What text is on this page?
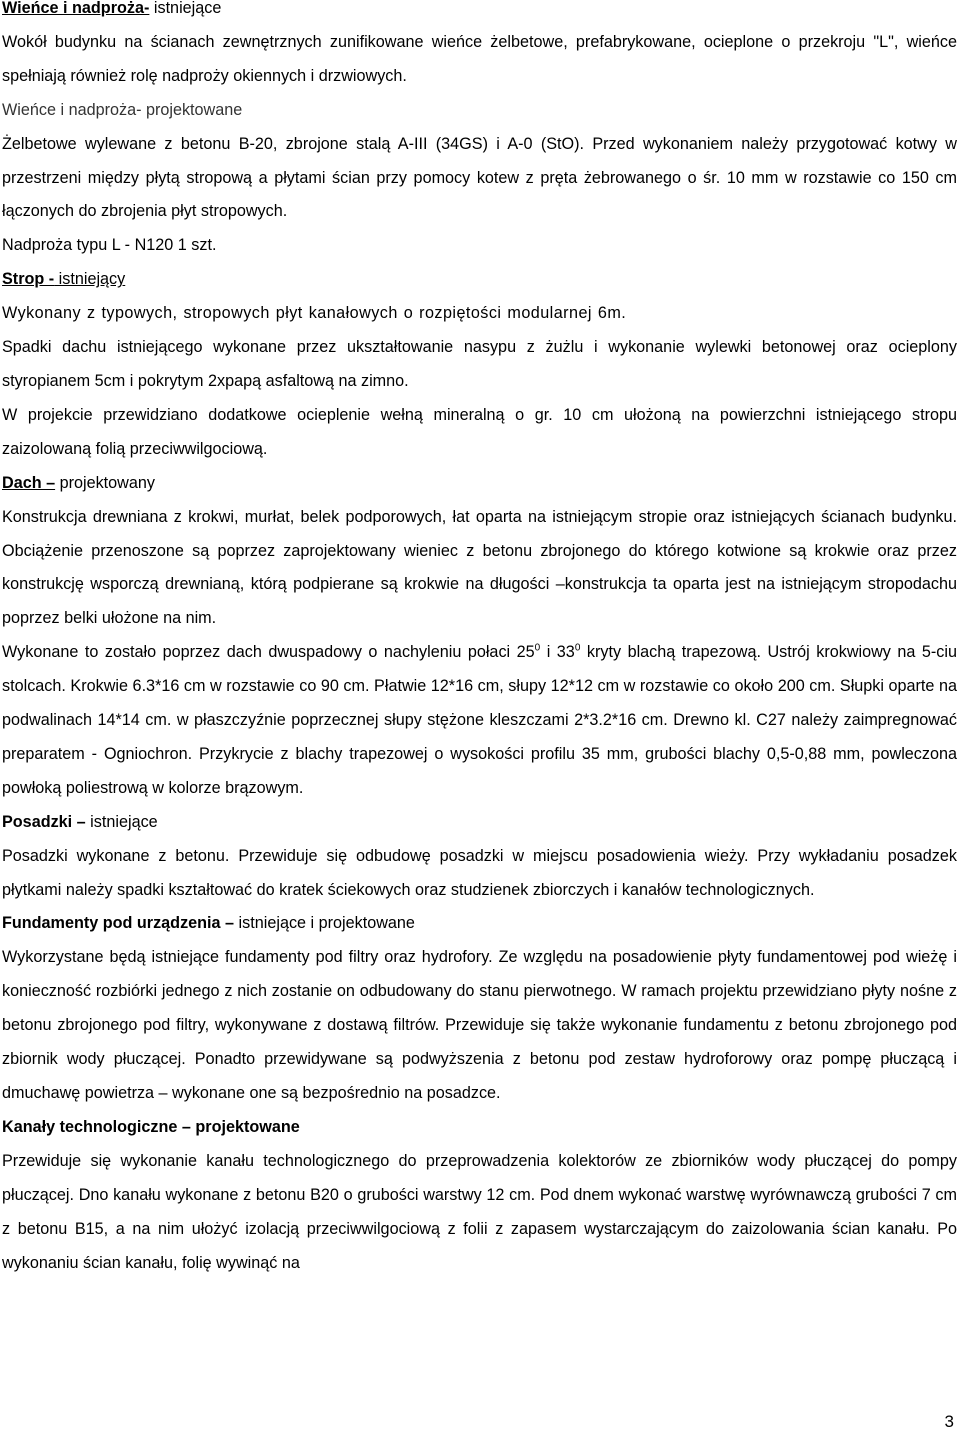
Wieńce i nadproża- istniejące

Wokół budynku na ścianach zewnętrznych zunifikowane wieńce żelbetowe, prefabrykowane, ocieplone o przekroju "L", wieńce spełniają również rolę nadproży okiennych i drzwiowych.

Wieńce i nadproża- projektowane

Żelbetowe wylewane z betonu B-20, zbrojone stalą A-III (34GS) i A-0 (StO). Przed wykonaniem należy przygotować kotwy w przestrzeni między płytą stropową a płytami ścian przy pomocy kotew z pręta żebrowanego o śr. 10 mm w rozstawie co 150 cm łączonych do zbrojenia płyt stropowych.

Nadproża typu L - N120 1 szt.

Strop - istniejący

Wykonany z typowych, stropowych płyt kanałowych o rozpiętości modularnej 6m.

Spadki dachu istniejącego wykonane przez ukształtowanie nasypu z żużlu i wykonanie wylewki betonowej oraz ocieplony styropianem 5cm i pokrytym 2xpapą asfaltową na zimno.

W projekcie przewidziano dodatkowe ocieplenie wełną mineralną o gr. 10 cm ułożoną na powierzchni istniejącego stropu zaizolowaną folią przeciwwilgociową.

Dach – projektowany

Konstrukcja drewniana z krokwi, murłat, belek podporowych, łat oparta na istniejącym stropie oraz istniejących ścianach budynku. Obciążenie przenoszone są poprzez zaprojektowany wieniec z betonu zbrojonego do którego kotwione są krokwie oraz przez konstrukcję wsporczą drewnianą, którą podpierane są krokwie na długości –konstrukcja ta oparta jest na istniejącym stropodachu poprzez belki ułożone na nim.

Wykonane to zostało poprzez dach dwuspadowy o nachyleniu połaci $25^0$ i $33^0$ kryty blachą trapezową. Ustrój krokwiowy na 5-ciu stolcach. Krokwie 6.3*16 cm w rozstawie co 90 cm. Płatwie 12*16 cm, słupy 12*12 cm w rozstawie co około 200 cm. Słupki oparte na podwalinach 14*14 cm. w płaszczyźnie poprzecznej słupy stężone kleszczami 2*3.2*16 cm. Drewno kl. C27 należy zaimpregnować preparatem - Ogniochron. Przykrycie z blachy trapezowej o wysokości profilu 35 mm, grubości blachy 0,5-0,88 mm, powleczona powłoką poliestrową w kolorze brązowym.

Posadzki – istniejące

Posadzki wykonane z betonu. Przewiduje się odbudowę posadzki w miejscu posadowienia wieży. Przy wykładaniu posadzek płytkami należy spadki kształtować do kratek ściekowych oraz studzienek zbiorczych i kanałów technologicznych.

Fundamenty pod urządzenia – istniejące i projektowane

Wykorzystane będą istniejące fundamenty pod filtry oraz hydrofory. Ze względu na posadowienie płyty fundamentowej pod wieżę i konieczność rozbiórki jednego z nich zostanie on odbudowany do stanu pierwotnego. W ramach projektu przewidziano płyty nośne z betonu zbrojonego pod filtry, wykonywane z dostawą filtrów. Przewiduje się także wykonanie fundamentu z betonu zbrojonego pod zbiornik wody płuczącej. Ponadto przewidywane są podwyższenia z betonu pod zestaw hydroforowy oraz pompę płuczącą i dmuchawę powietrza – wykonane one są bezpośrednio na posadzce.

Kanały technologiczne – projektowane

Przewiduje się wykonanie kanału technologicznego do przeprowadzenia kolektorów ze zbiorników wody płuczącej do pompy płuczącej. Dno kanału wykonane z betonu B20 o grubości warstwy 12 cm. Pod dnem wykonać warstwę wyrównawczą grubości 7 cm z betonu B15, a na nim ułożyć izolacją przeciwwilgociową z folii z zapasem wystarczającym do zaizolowania ścian kanału. Po wykonaniu ścian kanału, folię wywinąć na

3
